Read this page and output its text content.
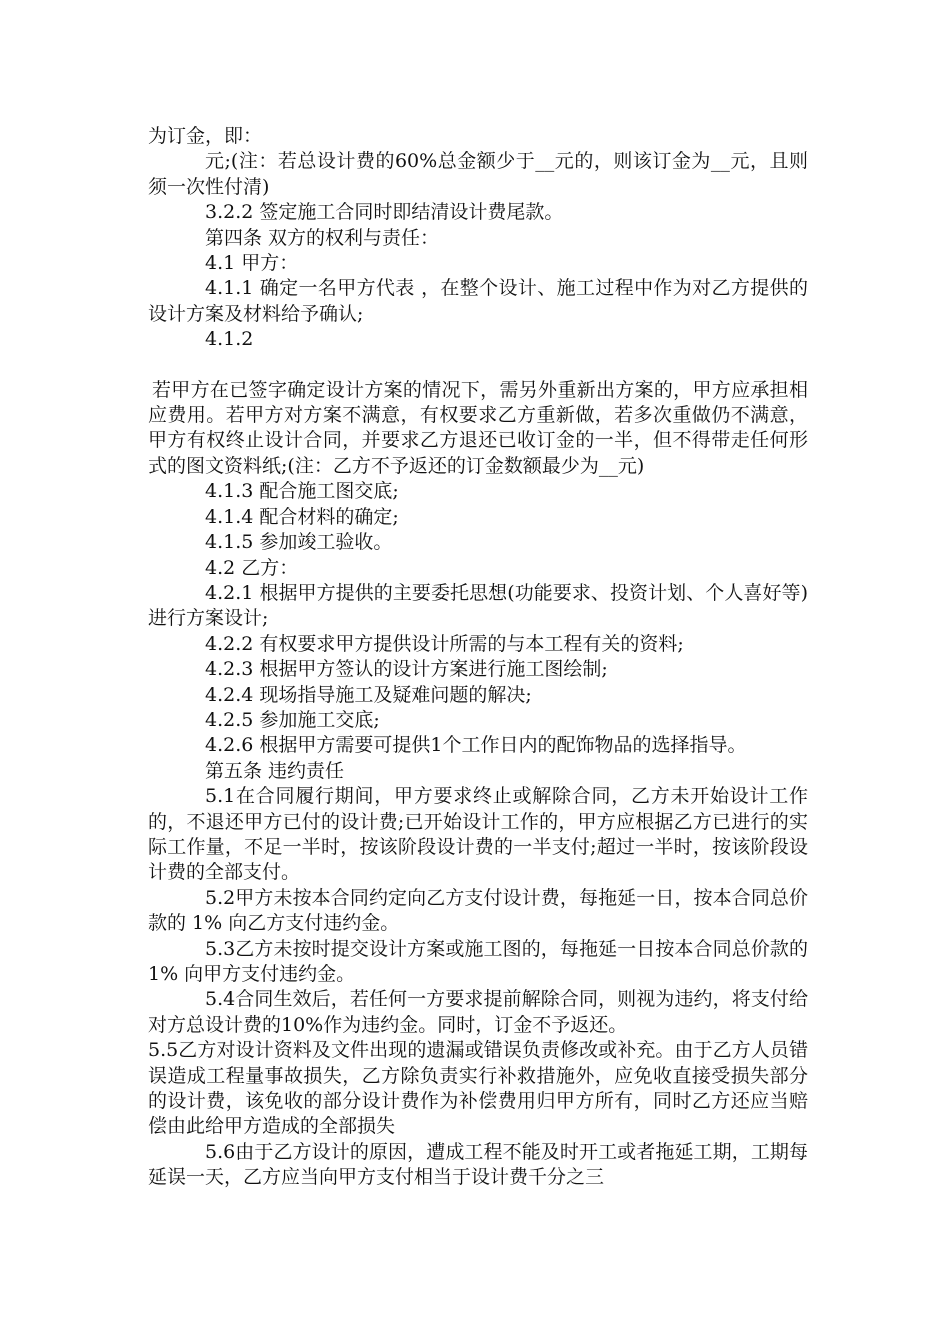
为订金，即：

元;(注：若总设计费的60%总金额少于__元的，则该订金为__元，且则须一次性付清)

3.2.2 签定施工合同时即结清设计费尾款。

第四条 双方的权利与责任：

4.1 甲方：

4.1.1 确定一名甲方代表 ，在整个设计、施工过程中作为对乙方提供的设计方案及材料给予确认;

4.1.2

若甲方在已签字确定设计方案的情况下，需另外重新出方案的，甲方应承担相应费用。若甲方对方案不满意，有权要求乙方重新做，若多次重做仍不满意，甲方有权终止设计合同，并要求乙方退还已收订金的一半，但不得带走任何形式的图文资料纸;(注：乙方不予返还的订金数额最少为__元)

4.1.3 配合施工图交底;

4.1.4 配合材料的确定;

4.1.5 参加竣工验收。

4.2 乙方：

4.2.1 根据甲方提供的主要委托思想(功能要求、投资计划、个人喜好等)进行方案设计;

4.2.2 有权要求甲方提供设计所需的与本工程有关的资料;

4.2.3 根据甲方签认的设计方案进行施工图绘制;

4.2.4 现场指导施工及疑难问题的解决;

4.2.5 参加施工交底;

4.2.6 根据甲方需要可提供1个工作日内的配饰物品的选择指导。

第五条 违约责任

5.1在合同履行期间，甲方要求终止或解除合同，乙方未开始设计工作的，不退还甲方已付的设计费;已开始设计工作的，甲方应根据乙方已进行的实际工作量，不足一半时，按该阶段设计费的一半支付;超过一半时，按该阶段设计费的全部支付。

5.2甲方未按本合同约定向乙方支付设计费，每拖延一日，按本合同总价款的 1% 向乙方支付违约金。

5.3乙方未按时提交设计方案或施工图的，每拖延一日按本合同总价款的1% 向甲方支付违约金。

5.4合同生效后，若任何一方要求提前解除合同，则视为违约，将支付给对方总设计费的10%作为违约金。同时，订金不予返还。

5.5乙方对设计资料及文件出现的遗漏或错误负责修改或补充。由于乙方人员错误造成工程量事故损失，乙方除负责实行补救措施外，应免收直接受损失部分的设计费，该免收的部分设计费作为补偿费用归甲方所有，同时乙方还应当赔偿由此给甲方造成的全部损失

5.6由于乙方设计的原因，遭成工程不能及时开工或者拖延工期，工期每延误一天，乙方应当向甲方支付相当于设计费千分之三
